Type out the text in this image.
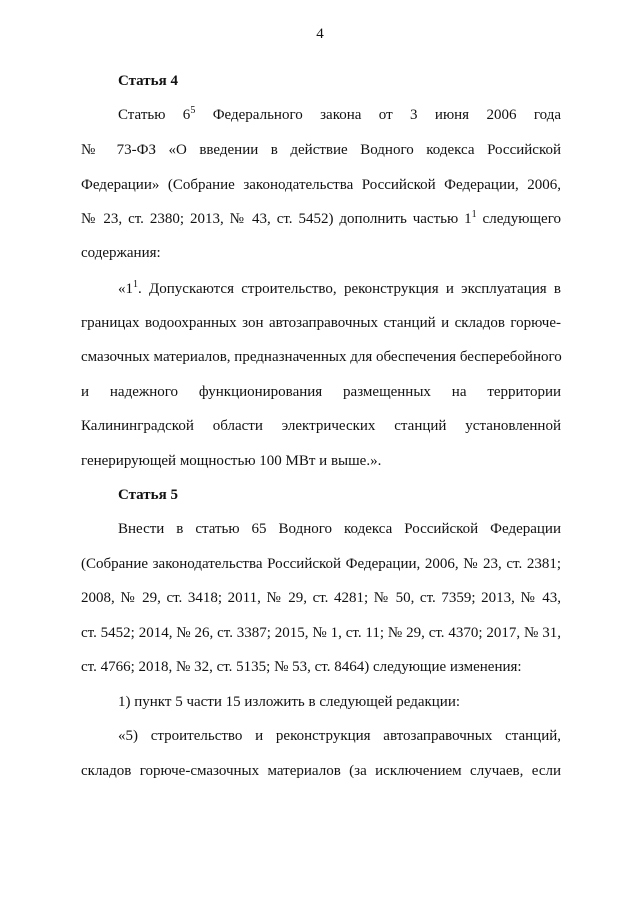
4
Статья 4
Статью $6^5$ Федерального закона от 3 июня 2006 года
№ 73-ФЗ «О введении в действие Водного кодекса Российской
Федерации» (Собрание законодательства Российской Федерации, 2006,
№ 23, ст. 2380; 2013, № 43, ст. 5452) дополнить частью $1^1$ следующего
содержания:
«$1^1$. Допускаются строительство, реконструкция и эксплуатация в
границах водоохранных зон автозаправочных станций и складов горюче-
смазочных материалов, предназначенных для обеспечения бесперебойного
и надежного функционирования размещенных на территории
Калининградской области электрических станций установленной
генерирующей мощностью 100 МВт и выше.».
Статья 5
Внести в статью 65 Водного кодекса Российской Федерации
(Собрание законодательства Российской Федерации, 2006, № 23, ст. 2381;
2008, № 29, ст. 3418; 2011, № 29, ст. 4281; № 50, ст. 7359; 2013, № 43,
ст. 5452; 2014, № 26, ст. 3387; 2015, № 1, ст. 11; № 29, ст. 4370; 2017, № 31,
ст. 4766; 2018, № 32, ст. 5135; № 53, ст. 8464) следующие изменения:
1) пункт 5 части 15 изложить в следующей редакции:
«5) строительство и реконструкция автозаправочных станций,
складов горюче-смазочных материалов (за исключением случаев, если
